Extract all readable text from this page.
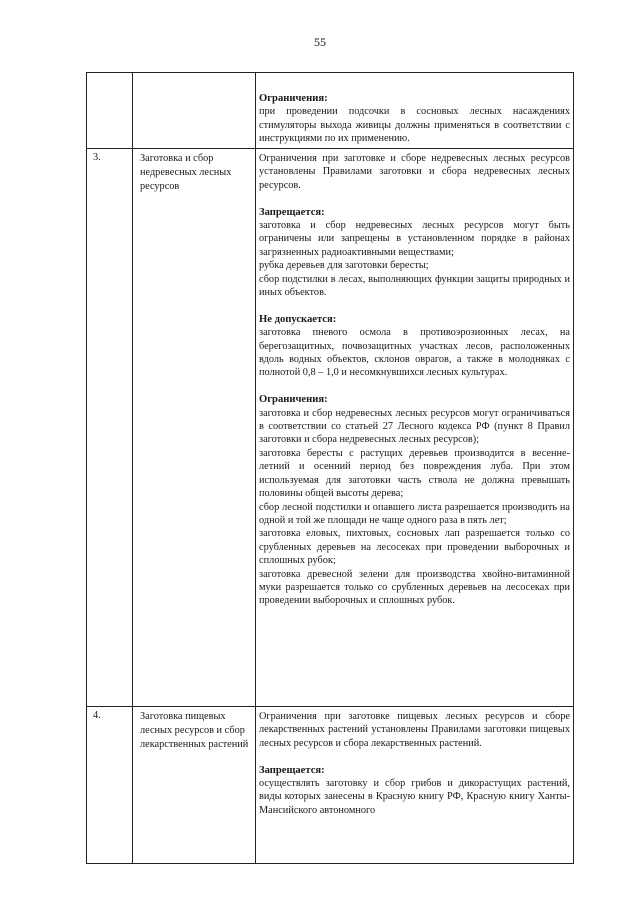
55
Ограничения:

при проведении подсочки в сосновых лесных насаждениях стимуляторы выхода живицы должны применяться в соответствии с инструкциями по их применению.

3.	Заготовка и сбор недревесных лесных ресурсов

Ограничения при заготовке и сборе недревесных лесных ресурсов установлены Правилами заготовки и сбора недревесных лесных ресурсов.

Запрещается:

заготовка и сбор недревесных лесных ресурсов могут быть ограничены или запрещены в установленном порядке в районах загрязненных радиоактивными веществами;

рубка деревьев для заготовки бересты;

сбор подстилки в лесах, выполняющих функции защиты природных и иных объектов.

Не допускается:

заготовка пневого осмола в противоэрозионных лесах, на берегозащитных, почвозащитных участках лесов, расположенных вдоль водных объектов, склонов оврагов, а также в молодняках с полнотой 0,8 – 1,0 и несомкнувшихся лесных культурах.

Ограничения:

заготовка и сбор недревесных лесных ресурсов могут ограничиваться в соответствии со статьей 27 Лесного кодекса РФ (пункт 8 Правил заготовки и сбора недревесных лесных ресурсов);

заготовка бересты с растущих деревьев производится в весенне-летний и осенний период без повреждения луба. При этом используемая для заготовки часть ствола не должна превышать половины общей высоты дерева;

сбор лесной подстилки и опавшего листа разрешается производить на одной и той же площади не чаще одного раза в пять лет;

заготовка еловых, пихтовых, сосновых лап разрешается только со срубленных деревьев на лесосеках при проведении выборочных и сплошных рубок;

заготовка древесной зелени для производства хвойно-витаминной муки разрешается только со срубленных деревьев на лесосеках при проведении выборочных и сплошных рубок.

4.	Заготовка пищевых лесных ресурсов и сбор лекарственных растений

Ограничения при заготовке пищевых лесных ресурсов и сборе лекарственных растений установлены Правилами заготовки пищевых лесных ресурсов и сбора лекарственных растений.

Запрещается:

осуществлять заготовку и сбор грибов и дикорастущих растений, виды которых занесены в Красную книгу РФ, Красную книгу Ханты-Мансийского автономного
